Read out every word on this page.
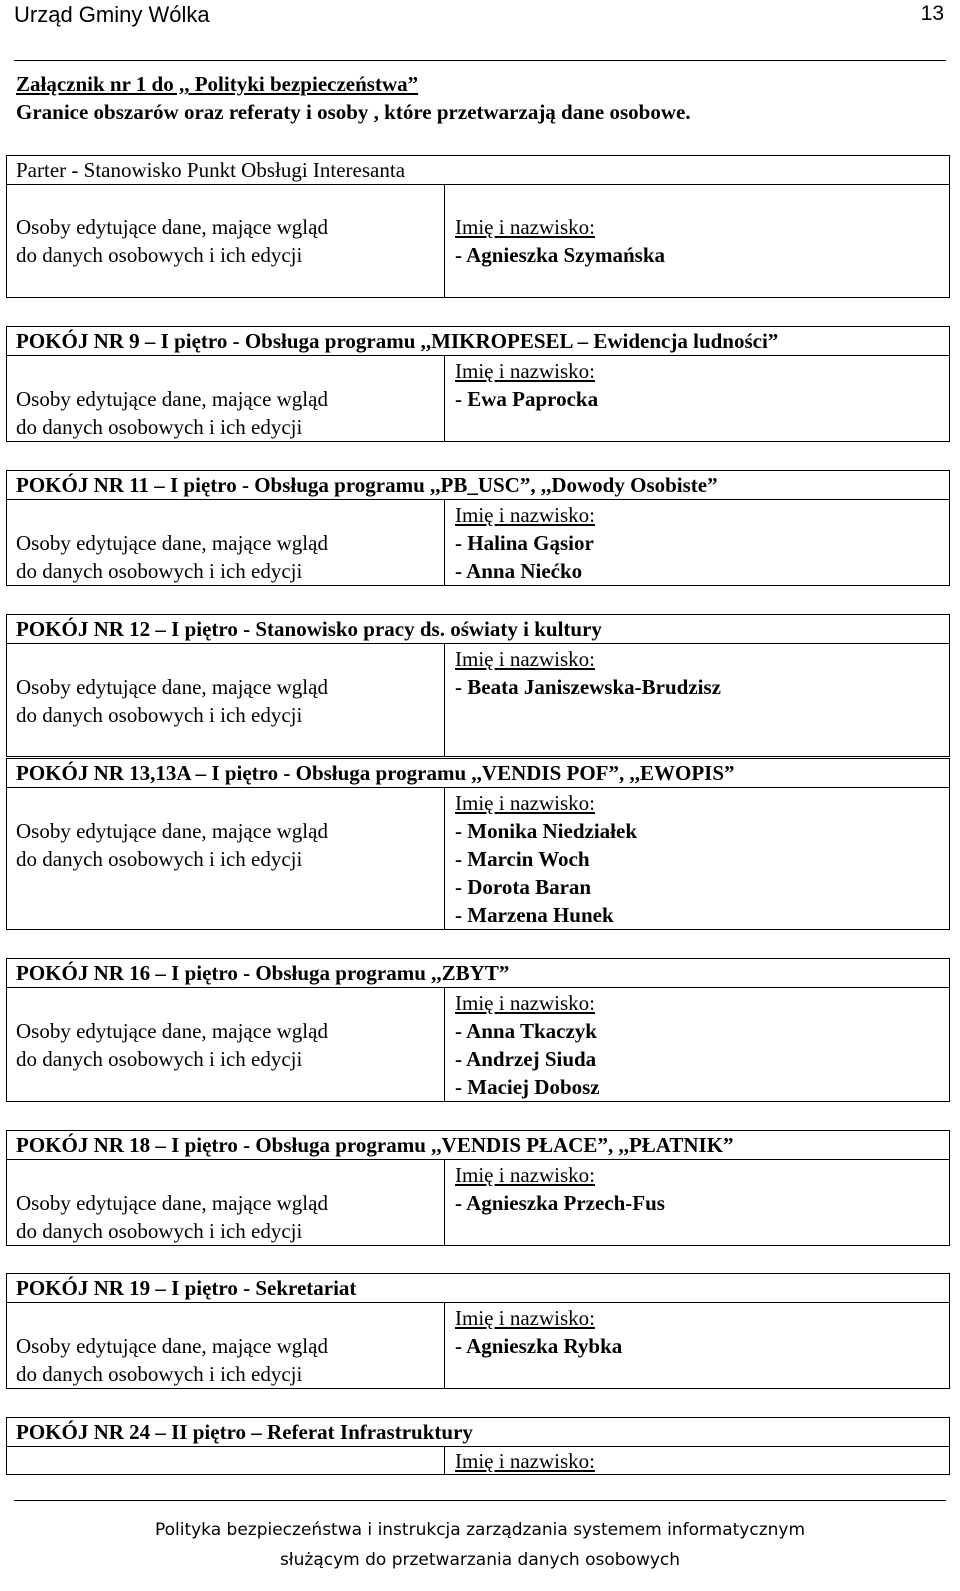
Urząd Gminy Wólka	13
Załącznik nr 1 do ,, Polityki bezpieczeństwa”
Granice obszarów oraz referaty i osoby , które przetwarzają dane osobowe.
Parter - Stanowisko Punkt Obsługi Interesanta
Osoby edytujące dane, mające wgląd
do danych osobowych i ich edycji
Imię i nazwisko:
- Agnieszka Szymańska
POKÓJ NR 9 – I piętro - Obsługa programu ,,MIKROPESEL – Ewidencja ludności”
Osoby edytujące dane, mające wgląd
do danych osobowych i ich edycji
Imię i nazwisko:
- Ewa Paprocka
POKÓJ NR 11 – I piętro - Obsługa programu ,,PB_USC”, ,,Dowody Osobiste”
Osoby edytujące dane, mające wgląd
do danych osobowych i ich edycji
Imię i nazwisko:
- Halina Gąsior
- Anna Niećko
POKÓJ NR 12 – I piętro - Stanowisko pracy ds. oświaty i kultury
Osoby edytujące dane, mające wgląd
do danych osobowych i ich edycji
Imię i nazwisko:
- Beata Janiszewska-Brudzisz
POKÓJ NR 13,13A – I piętro - Obsługa programu ,,VENDIS POF”, ,,EWOPIS”
Osoby edytujące dane, mające wgląd
do danych osobowych i ich edycji
Imię i nazwisko:
- Monika Niedziałek
- Marcin Woch
- Dorota Baran
- Marzena Hunek
POKÓJ NR 16 – I piętro - Obsługa programu ,,ZBYT”
Osoby edytujące dane, mające wgląd
do danych osobowych i ich edycji
Imię i nazwisko:
- Anna Tkaczyk
- Andrzej Siuda
- Maciej Dobosz
POKÓJ NR 18 – I piętro - Obsługa programu ,,VENDIS PŁACE”, ,,PŁATNIK”
Osoby edytujące dane, mające wgląd
do danych osobowych i ich edycji
Imię i nazwisko:
- Agnieszka Przech-Fus
POKÓJ NR 19 – I piętro - Sekretariat
Osoby edytujące dane, mające wgląd
do danych osobowych i ich edycji
Imię i nazwisko:
- Agnieszka Rybka
POKÓJ NR 24 – II piętro – Referat Infrastruktury
Imię i nazwisko:
Polityka bezpieczeństwa i instrukcja zarządzania systemem informatycznym
służącym do przetwarzania danych osobowych
